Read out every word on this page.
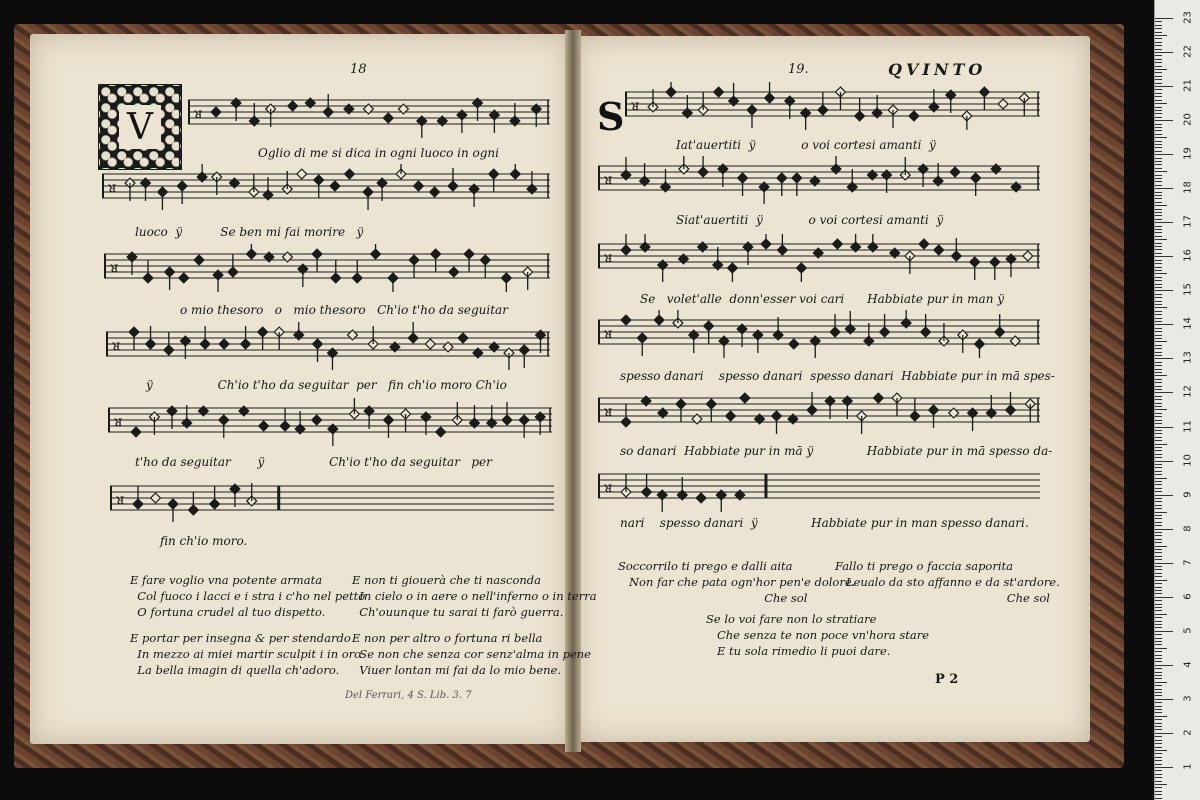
18
V	ᴚ
Oglio di me si dica in ogni luoco in ogni
ᴚ
luoco  ÿ          Se ben mi fai morire   ÿ
ᴚ
o mio thesoro   o   mio thesoro   Ch'io t'ho da seguitar
ᴚ
ÿ                 Ch'io t'ho da seguitar  per   fin ch'io moro Ch'io
ᴚ
t'ho da seguitar       ÿ                 Ch'io t'ho da seguitar   per
ᴚ
fin ch'io moro.
E fare voglio vna potente armata
Col fuoco i lacci e i stra i c'ho nel petto
O fortuna crudel al tuo dispetto.
E portar per insegna & per stendardo
In mezzo ai miei martir sculpit i in oro
La bella imagin di quella ch'adoro.
E non ti giouerà che ti nasconda
In cielo o in aere o nell'inferno o in terra
Ch'ouunque tu sarai ti farò guerra.
E non per altro o fortuna ri bella
Se non che senza cor senz'alma in pene
Viuer lontan mi fai da lo mio bene.
Del Ferrari, 4 S. Lib. 3. 7
19.	QVINTO
S ᴚ
Iat'auertiti  ÿ            o voi cortesi amanti  ÿ
ᴚ
Siat'auertiti  ÿ            o voi cortesi amanti  ÿ
ᴚ
Se   volet'alle  donn'esser voi cari      Habbiate pur in man ÿ
ᴚ
spesso danari    spesso danari  spesso danari  Habbiate pur in mā spes-
ᴚ
so danari  Habbiate pur in mā ÿ              Habbiate pur in mā spesso da-
ᴚ
nari    spesso danari  ÿ              Habbiate pur in man spesso danari.
Soccorrilo ti prego e dalli aita
Non far che pata ogn'hor pen'e dolore.
Che sol
Fallo ti prego o faccia saporita
Leualo da sto affanno e da st'ardore.
Che sol
Se lo voi fare non lo stratiare
Che senza te non poce vn'hora stare
E tu sola rimedio li puoi dare.
P 2
23
22
21
20
19
18
17
16
15
14
13
12
11
10
9
8
7
6
5
4
3
2
1
